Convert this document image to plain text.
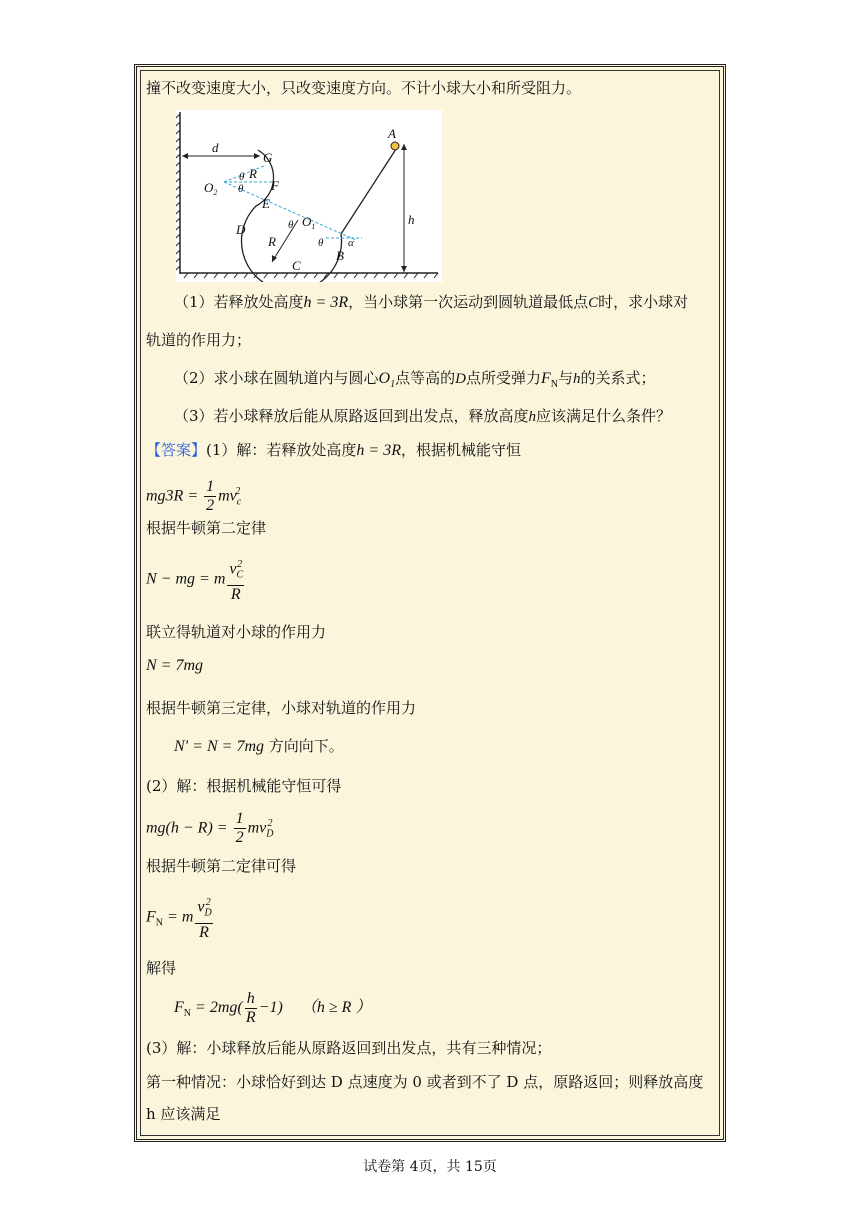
撞不改变速度大小，只改变速度方向。不计小球大小和所受阻力。
d
G
R
θ
θ F
$O_2$
E
θ $O_1$
D
R	θ α
B
C
A
h
（1）若释放处高度h = 3R，当小球第一次运动到圆轨道最低点C时，求小球对
轨道的作用力；
（2）求小球在圆轨道内与圆心$O_1$点等高的D点所受弹力$F_N$与h的关系式；
（3）若小球释放后能从原路返回到出发点，释放高度h应该满足什么条件？
【答案】(1）解：若释放处高度h = 3R，根据机械能守恒
$mg3R = \frac{1}{2} mv_c^2$
根据牛顿第二定律
N − mg = m $\frac{v_C^2}{R}$
联立得轨道对小球的作用力
N = 7mg
根据牛顿第三定律，小球对轨道的作用力
N′ = N = 7mg 方向向下。
(2）解：根据机械能守恒可得
$mg(h - R) = \frac{1}{2} mv_D^2$
根据牛顿第二定律可得
$F_N = m \frac{v_D^2}{R}$
解得
$F_N = 2mg( \frac{h}{R} -1) (h \ge R$ ）
(3）解：小球释放后能从原路返回到出发点，共有三种情况；
第一种情况：小球恰好到达 D 点速度为 0 或者到不了 D 点，原路返回；则释放高度
h 应该满足
试卷第 4页，共 15页
